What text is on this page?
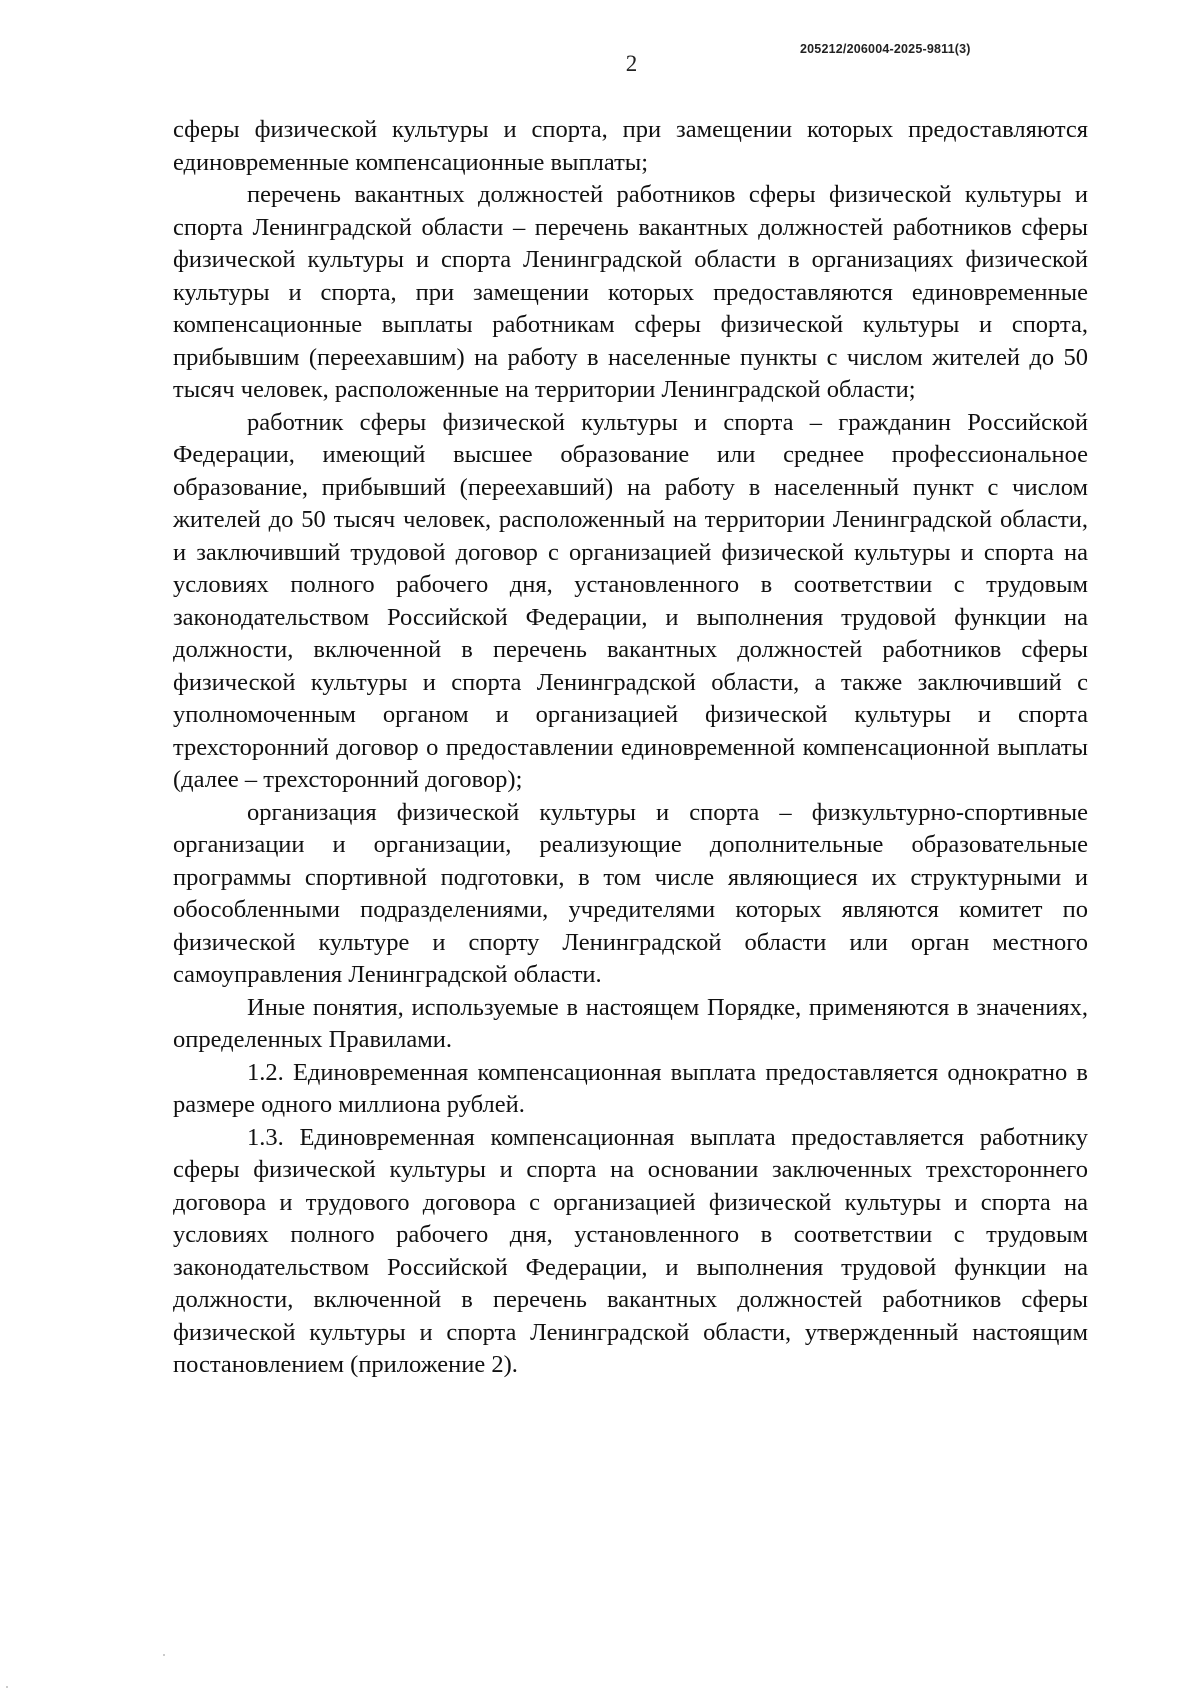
205212/206004-2025-9811(3)
2

сферы физической культуры и спорта, при замещении которых предоставляются единовременные компенсационные выплаты;

перечень вакантных должностей работников сферы физической культуры и спорта Ленинградской области – перечень вакантных должностей работников сферы физической культуры и спорта Ленинградской области в организациях физической культуры и спорта, при замещении которых предоставляются единовременные компенсационные выплаты работникам сферы физической культуры и спорта, прибывшим (переехавшим) на работу в населенные пункты с числом жителей до 50 тысяч человек, расположенные на территории Ленинградской области;

работник сферы физической культуры и спорта – гражданин Российской Федерации, имеющий высшее образование или среднее профессиональное образование, прибывший (переехавший) на работу в населенный пункт с числом жителей до 50 тысяч человек, расположенный на территории Ленинградской области, и заключивший трудовой договор с организацией физической культуры и спорта на условиях полного рабочего дня, установленного в соответствии с трудовым законодательством Российской Федерации, и выполнения трудовой функции на должности, включенной в перечень вакантных должностей работников сферы физической культуры и спорта Ленинградской области, а также заключивший с уполномоченным органом и организацией физической культуры и спорта трехсторонний договор о предоставлении единовременной компенсационной выплаты (далее – трехсторонний договор);

организация физической культуры и спорта – физкультурно-спортивные организации и организации, реализующие дополнительные образовательные программы спортивной подготовки, в том числе являющиеся их структурными и обособленными подразделениями, учредителями которых являются комитет по физической культуре и спорту Ленинградской области или орган местного самоуправления Ленинградской области.

Иные понятия, используемые в настоящем Порядке, применяются в значениях, определенных Правилами.

1.2. Единовременная компенсационная выплата предоставляется однократно в размере одного миллиона рублей.

1.3. Единовременная компенсационная выплата предоставляется работнику сферы физической культуры и спорта на основании заключенных трехстороннего договора и трудового договора с организацией физической культуры и спорта на условиях полного рабочего дня, установленного в соответствии с трудовым законодательством Российской Федерации, и выполнения трудовой функции на должности, включенной в перечень вакантных должностей работников сферы физической культуры и спорта Ленинградской области, утвержденный настоящим постановлением (приложение 2).
